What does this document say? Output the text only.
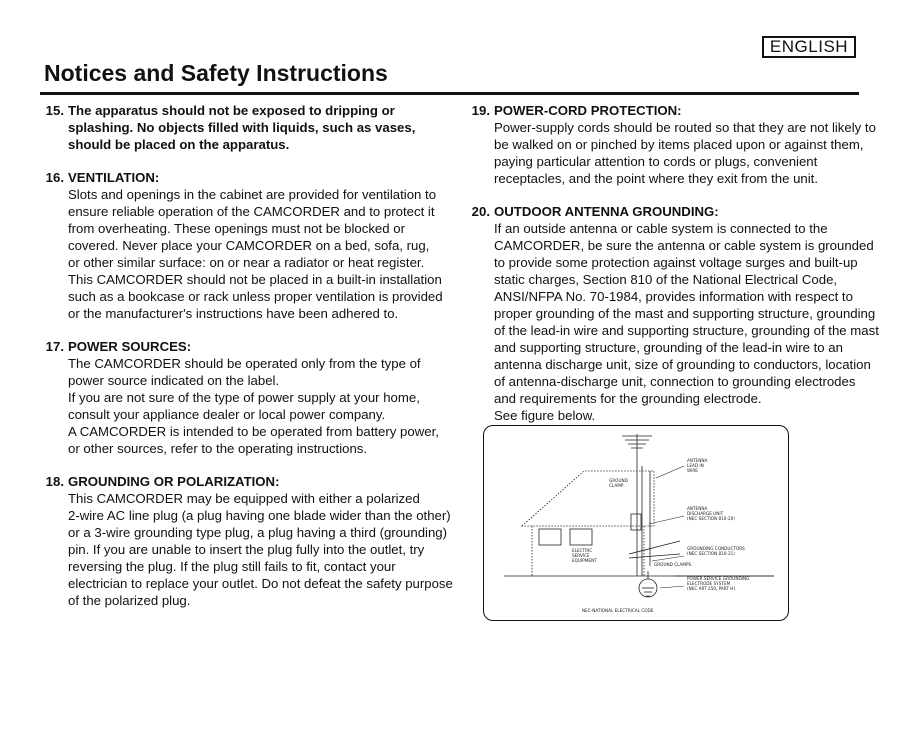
ENGLISH
Notices and Safety Instructions
15. The apparatus should not be exposed to dripping or
splashing. No objects filled with liquids, such as vases,
should be placed on the apparatus.
16. VENTILATION:
Slots and openings in the cabinet are provided for ventilation to
ensure reliable operation of the CAMCORDER and to protect it
from overheating. These openings must not be blocked or
covered. Never place your CAMCORDER on a bed, sofa, rug,
or other similar surface: on or near a radiator or heat register.
This CAMCORDER should not be placed in a built-in installation
such as a bookcase or rack unless proper ventilation is provided
or the manufacturer's instructions have been adhered to.
17. POWER SOURCES:
The CAMCORDER should be operated only from the type of
power source indicated on the label.
If you are not sure of the type of power supply at your home,
consult your appliance dealer or local power company.
A CAMCORDER is intended to be operated from battery power,
or other sources, refer to the operating instructions.
18. GROUNDING OR POLARIZATION:
This CAMCORDER may be equipped with either a polarized
2-wire AC line plug (a plug having one blade wider than the other)
or a 3-wire grounding type plug, a plug having a third (grounding)
pin. If you are unable to insert the plug fully into the outlet, try
reversing the plug. If the plug still fails to fit, contact your
electrician to replace your outlet. Do not defeat the safety purpose
of the polarized plug.
19. POWER-CORD PROTECTION:
Power-supply cords should be routed so that they are not likely to
be walked on or pinched by items placed upon or against them,
paying particular attention to cords or plugs, convenient
receptacles, and the point where they exit from the unit.
20. OUTDOOR ANTENNA GROUNDING:
If an outside antenna or cable system is connected to the
CAMCORDER, be sure the antenna or cable system is grounded
to provide some protection against voltage surges and built-up
static charges, Section 810 of the National Electrical Code,
ANSI/NFPA No. 70-1984, provides information with respect to
proper grounding of the mast and supporting structure, grounding
of the lead-in wire and supporting structure, grounding of the mast
and supporting structure, grounding of the lead-in wire to an
antenna discharge unit, size of grounding to conductors, location
of antenna-discharge unit, connection to grounding electrodes
and requirements for the grounding electrode.
See figure below.
ANTENNA
LEAD IN
WIRE
GROUND
CLAMP
ELECTRIC
SERVICE
EQUIPMENT
ANTENNA
DISCHARGE UNIT
(NEC SECTION 810-20)
GROUNDING CONDUCTORS
(NEC SECTION 810-21)
GROUND CLAMPS
POWER SERVICE GROUNDING
ELECTRODE SYSTEM
(NEC ART 250, PART H)
NEC-NATIONAL ELECTRICAL CODE
